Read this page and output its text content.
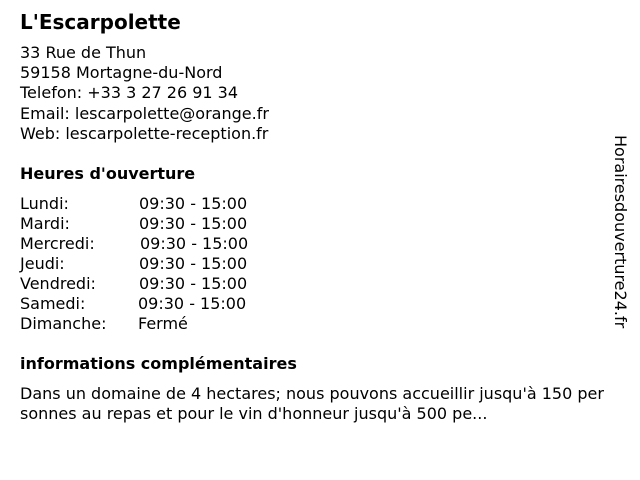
L'Escarpolette
33 Rue de Thun
59158 Mortagne-du-Nord
Telefon: +33 3 27 26 91 34
Email: lescarpolette@orange.fr
Web: lescarpolette-reception.fr
Heures d'ouverture
Lundi:	09:30 - 15:00
Mardi:	09:30 - 15:00
Mercredi:	09:30 - 15:00
Jeudi:	09:30 - 15:00
Vendredi:	09:30 - 15:00
Samedi:	09:30 - 15:00
Dimanche: Fermé
informations complémentaires
Dans un domaine de 4 hectares; nous pouvons accueillir jusqu'à 150 personnes au repas et pour le vin d'honneur jusqu'à 500 pe...
Horairesdouverture24.fr
